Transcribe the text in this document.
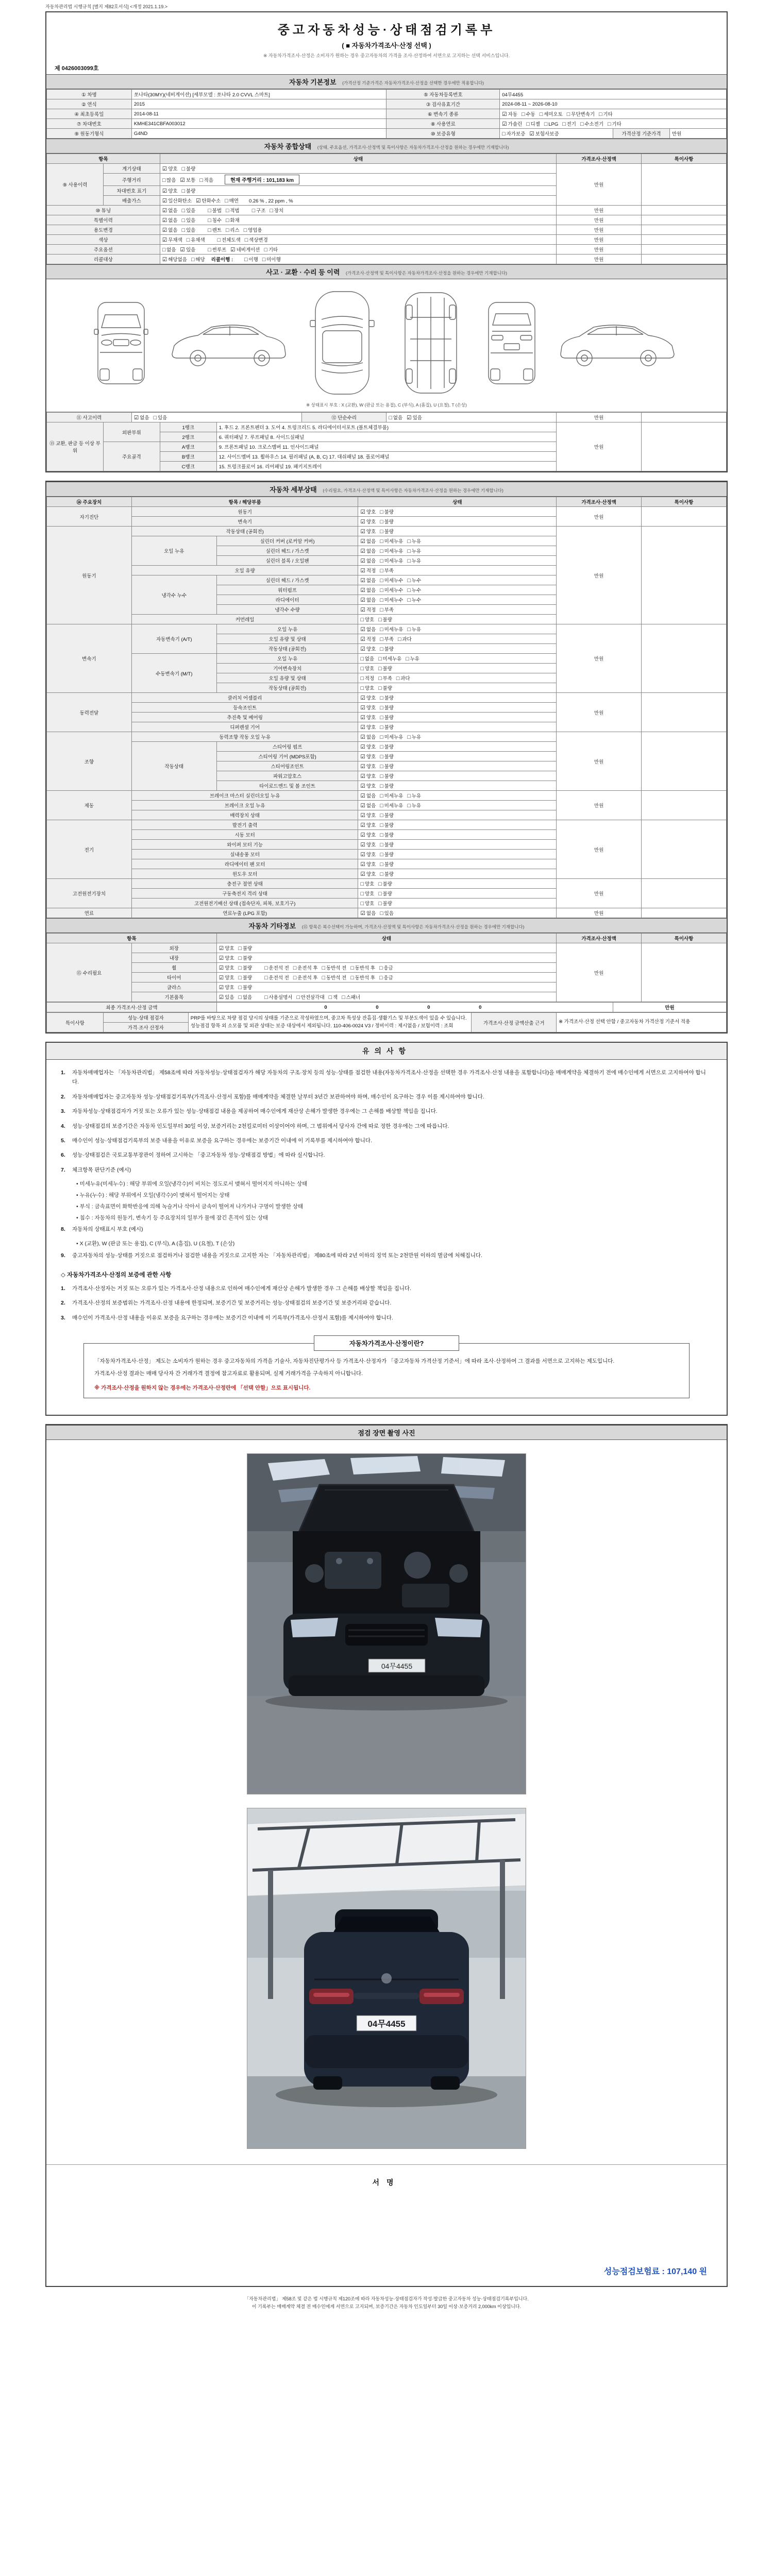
자동차관리법 시행규칙 [별지 제82호서식] <개정 2021.1.19.>
중고자동차성능·상태점검기록부
( ■ 자동차가격조사·산정 선택 )
※ 자동차가격조사·산정은 소비자가 원하는 경우 중고자동차의 가격을 조사·산정하여 서면으로 고지하는 선택 서비스입니다.
제 0426003099호
자동차 기본정보 (가격산정 기준가격은 자동차가격조사·산정을 선택한 경우에만 적용합니다)
① 차명	쏘나타(30MY)(네비게이션) [세부모델 : 쏘나타 2.0 CVVL 스마트]	⑤ 자동차등록번호	04무4455		
② 연식	2015	③ 검사유효기간	2024-08-11 ~ 2026-08-10		
④ 최초등록일	2014-08-11	⑥ 변속기 종류	☑ 자동 □ 수동 □ 세미오토 □ 무단변속기 □ 기타		
⑦ 차대번호	KMHE341CBFA003012	⑧ 사용연료	☑ 가솔린 □ 디젤 □ LPG □ 전기 □ 수소전기 □ 기타		
⑨ 원동기형식	G4ND	⑩ 보증유형	□ 자가보증 ☑ 보험사보증	가격산정 기준가격	만원
자동차 종합상태 (상태, 주요옵션, 가격조사·산정액 및 특이사항은 자동차가격조사·산정을 원하는 경우에만 기재합니다)
항목		상태	가격조사·산정액	특이사항
⑨ 사용이력	계기상태	☑ 양호 □ 불량	만원	
	주행거리	□ 많음 ☑ 보통 □ 적음 현재 주행거리 : 101,183 km		
	차대번호 표기	☑ 양호 □ 불량		
	배출가스	☑ 일산화탄소 ☑ 탄화수소 □ 매연 0.26 % , 22 ppm , %		
⑩ 튜닝		☑ 없음 □ 있음 □ 불법 □ 적법 □ 구조 □ 장치	만원	
특별이력		☑ 없음 □ 있음 □ 침수 □ 화재	만원	
용도변경		☑ 없음 □ 있음 □ 렌트 □ 리스 □ 영업용	만원	
색상		☑ 무채색 □ 유채색 □ 전체도색 □ 색상변경	만원	
주요옵션		□ 없음 ☑ 있음 □ 썬루프 ☑ 네비게이션 □ 기타	만원	
리콜대상		☑ 해당없음 □ 해당 리콜이행 : □ 이행 □ 미이행	만원	
사고 · 교환 · 수리 등 이력 (가격조사·산정액 및 특이사항은 자동차가격조사·산정을 원하는 경우에만 기재합니다)
※ 상태표시 부호 : X (교환), W (판금 또는 용접), C (부식), A (흠집), U (요철), T (손상)
⑪ 사고이력		☑ 없음 □ 있음			⑫ 단순수리	□ 없음 ☑ 있음	만원	
⑬ 교환, 판금 등 이상 부위	외판부위		1랭크	1. 후드 2. 프론트펜더 3. 도어 4. 트렁크리드 5. 라디에이터서포트 (볼트체결부품)			만원	
			2랭크	6. 쿼터패널 7. 루프패널 8. 사이드실패널				
	주요골격		A랭크	9. 프론트패널 10. 크로스멤버 11. 인사이드패널				
			B랭크	12. 사이드멤버 13. 휠하우스 14. 필러패널 (A, B, C) 17. 대쉬패널 18. 플로어패널				
			C랭크	15. 트렁크플로어 16. 리어패널 19. 패키지트레이				
자동차 세부상태 (수리필요, 가격조사·산정액 및 특이사항은 자동차가격조사·산정을 원하는 경우에만 기재합니다)
⑭ 주요장치	항목 / 해당부품		상태	가격조사·산정액	특이사항
자기진단	원동기		☑ 양호 □ 불량	만원	
	변속기		☑ 양호 □ 불량		
원동기	작동상태 (공회전)		☑ 양호 □ 불량	만원	
	오일 누유	실린더 커버 (로커암 커버)	☑ 없음 □ 미세누유 □ 누유		
		실린더 헤드 / 가스켓	☑ 없음 □ 미세누유 □ 누유		
		실린더 블록 / 오일팬	☑ 없음 □ 미세누유 □ 누유		
	오일 유량		☑ 적정 □ 부족		
	냉각수 누수	실린더 헤드 / 가스켓	☑ 없음 □ 미세누수 □ 누수		
		워터펌프	☑ 없음 □ 미세누수 □ 누수		
		라디에이터	☑ 없음 □ 미세누수 □ 누수		
		냉각수 수량	☑ 적정 □ 부족		
	커먼레일		□ 양호 □ 불량		
변속기	자동변속기 (A/T)	오일 누유	☑ 없음 □ 미세누유 □ 누유	만원	
		오일 유량 및 상태	☑ 적정 □ 부족 □ 과다		
		작동상태 (공회전)	☑ 양호 □ 불량		
	수동변속기 (M/T)	오일 누유	□ 없음 □ 미세누유 □ 누유		
		기어변속장치	□ 양호 □ 불량		
		오일 유량 및 상태	□ 적정 □ 부족 □ 과다		
		작동상태 (공회전)	□ 양호 □ 불량		
동력전달	클러치 어셈블리		☑ 양호 □ 불량	만원	
	등속조인트		☑ 양호 □ 불량		
	추진축 및 베어링		☑ 양호 □ 불량		
	디퍼렌셜 기어		☑ 양호 □ 불량		
조향	동력조향 작동 오일 누유		☑ 없음 □ 미세누유 □ 누유	만원	
	작동상태	스티어링 펌프	☑ 양호 □ 불량		
		스티어링 기어 (MDPS포함)	☑ 양호 □ 불량		
		스티어링조인트	☑ 양호 □ 불량		
		파워고압호스	☑ 양호 □ 불량		
		타이로드엔드 및 볼 조인트	☑ 양호 □ 불량		
제동	브레이크 마스터 실린더오일 누유		☑ 없음 □ 미세누유 □ 누유	만원	
	브레이크 오일 누유		☑ 없음 □ 미세누유 □ 누유		
	배력장치 상태		☑ 양호 □ 불량		
전기	발전기 출력		☑ 양호 □ 불량	만원	
	시동 모터		☑ 양호 □ 불량		
	와이퍼 모터 기능		☑ 양호 □ 불량		
	실내송풍 모터		☑ 양호 □ 불량		
	라디에이터 팬 모터		☑ 양호 □ 불량		
	윈도우 모터		☑ 양호 □ 불량		
고전원전기장치	충전구 절연 상태		□ 양호 □ 불량	만원	
	구동축전지 격리 상태		□ 양호 □ 불량		
	고전원전기배선 상태 (접속단자, 피복, 보호기구)		□ 양호 □ 불량		
연료	연료누출 (LPG 포함)		☑ 없음 □ 있음	만원	
자동차 기타정보 (⑮ 항목은 복수선택이 가능하며, 가격조사·산정액 및 특이사항은 자동차가격조사·산정을 원하는 경우에만 기재합니다)
항목		상태	가격조사·산정액	특이사항
⑮ 수리필요	외장	☑ 양호 □ 불량	만원	
	내장	☑ 양호 □ 불량		
	휠	☑ 양호 □ 불량 □ 운전석 전 □ 운전석 후 □ 동반석 전 □ 동반석 후 □ 응급		
	타이어	☑ 양호 □ 불량 □ 운전석 전 □ 운전석 후 □ 동반석 전 □ 동반석 후 □ 응급		
	글라스	☑ 양호 □ 불량		
	기본품목	☑ 있음 □ 없음 □ 사용설명서 □ 안전삼각대 □ 잭 □ 스패너		
최종 가격조사·산정 금액	0 0 0 0	만원
특이사항	성능·상태 점검자	PRP를 바탕으로 차량 점검 당시의 상태를 기준으로 작성하였으며, 중고차 특성상 잔흠집·생활기스 및 부분도색이 있을 수 있습니다. 성능점검 항목 외 소모품 및 외관 상태는 보증 대상에서 제외됩니다. 110-406-0024 V3 / 정비이력 : 제시없음 / 보험이력 : 조회	가격조사·산정 금액산출 근거	※ 가격조사·산정 선택 안함 / 중고자동차 가격산정 기준서 적용
가격·조사 산정자
유의사항
1.	자동차매매업자는 「자동차관리법」 제58조에 따라 자동차성능·상태점검자가 해당 자동차의 구조·장치 등의 성능·상태를 점검한 내용(자동차가격조사·산정을 선택한 경우 가격조사·산정 내용을 포함합니다)을 매매계약을 체결하기 전에 매수인에게 서면으로 고지하여야 합니다.
2.	자동차매매업자는 중고자동차 성능·상태점검기록부(가격조사·산정서 포함)를 매매계약을 체결한 날부터 3년간 보관하여야 하며, 매수인이 요구하는 경우 이를 제시하여야 합니다.
3.	자동차성능·상태점검자가 거짓 또는 오류가 있는 성능·상태점검 내용을 제공하여 매수인에게 재산상 손해가 발생한 경우에는 그 손해를 배상할 책임을 집니다.
4.	성능·상태점검의 보증기간은 자동차 인도일부터 30일 이상, 보증거리는 2천킬로미터 이상이어야 하며, 그 범위에서 당사자 간에 따로 정한 경우에는 그에 따릅니다.
5.	매수인이 성능·상태점검기록부의 보증 내용을 이유로 보증을 요구하는 경우에는 보증기간 이내에 이 기록부를 제시하여야 합니다.
6.	성능·상태점검은 국토교통부장관이 정하여 고시하는 「중고자동차 성능·상태점검 방법」에 따라 실시합니다.
7.	체크항목 판단기준 (예시)
• 미세누유(미세누수) : 해당 부위에 오일(냉각수)이 비치는 정도로서 맺혀서 떨어지지 아니하는 상태
• 누유(누수) : 해당 부위에서 오일(냉각수)이 맺혀서 떨어지는 상태
• 부식 : 금속표면이 화학반응에 의해 녹슬거나 삭아서 금속이 떨어져 나가거나 구멍이 발생한 상태
• 침수 : 자동차의 원동기, 변속기 등 주요장치의 일부가 물에 잠긴 흔적이 있는 상태
8.	자동차의 상태표시 부호 (예시)
• X (교환), W (판금 또는 용접), C (부식), A (흠집), U (요철), T (손상)
9.	중고자동차의 성능·상태를 거짓으로 점검하거나 점검한 내용을 거짓으로 고지한 자는 「자동차관리법」 제80조에 따라 2년 이하의 징역 또는 2천만원 이하의 벌금에 처해집니다.
◇ 자동차가격조사·산정의 보증에 관한 사항
1.	가격조사·산정자는 거짓 또는 오류가 있는 가격조사·산정 내용으로 인하여 매수인에게 재산상 손해가 발생한 경우 그 손해를 배상할 책임을 집니다.
2.	가격조사·산정의 보증범위는 가격조사·산정 내용에 한정되며, 보증기간 및 보증거리는 성능·상태점검의 보증기간 및 보증거리와 같습니다.
3.	매수인이 가격조사·산정 내용을 이유로 보증을 요구하는 경우에는 보증기간 이내에 이 기록부(가격조사·산정서 포함)를 제시하여야 합니다.
자동차가격조사·산정이란?

「자동차가격조사·산정」 제도는 소비자가 원하는 경우 중고자동차의 가격을 기술사, 자동차진단평가사 등 가격조사·산정자가 「중고자동차 가격산정 기준서」에 따라 조사·산정하여 그 결과를 서면으로 고지하는 제도입니다.

가격조사·산정 결과는 매매 당사자 간 거래가격 결정에 참고자료로 활용되며, 실제 거래가격을 구속하지 아니합니다.

※ 가격조사·산정을 원하지 않는 경우에는 가격조사·산정란에 「선택 안함」으로 표시됩니다.
점검 장면 촬영 사진
04무4455
04무4455
서명
성능점검보험료 : 107,140 원
「자동차관리법」 제58조 및 같은 법 시행규칙 제120조에 따라 자동차성능·상태점검자가 작성·발급한 중고자동차 성능·상태점검기록부입니다.
이 기록부는 매매계약 체결 전 매수인에게 서면으로 고지되며, 보증기간은 자동차 인도일부터 30일 이상·보증거리 2,000km 이상입니다.
